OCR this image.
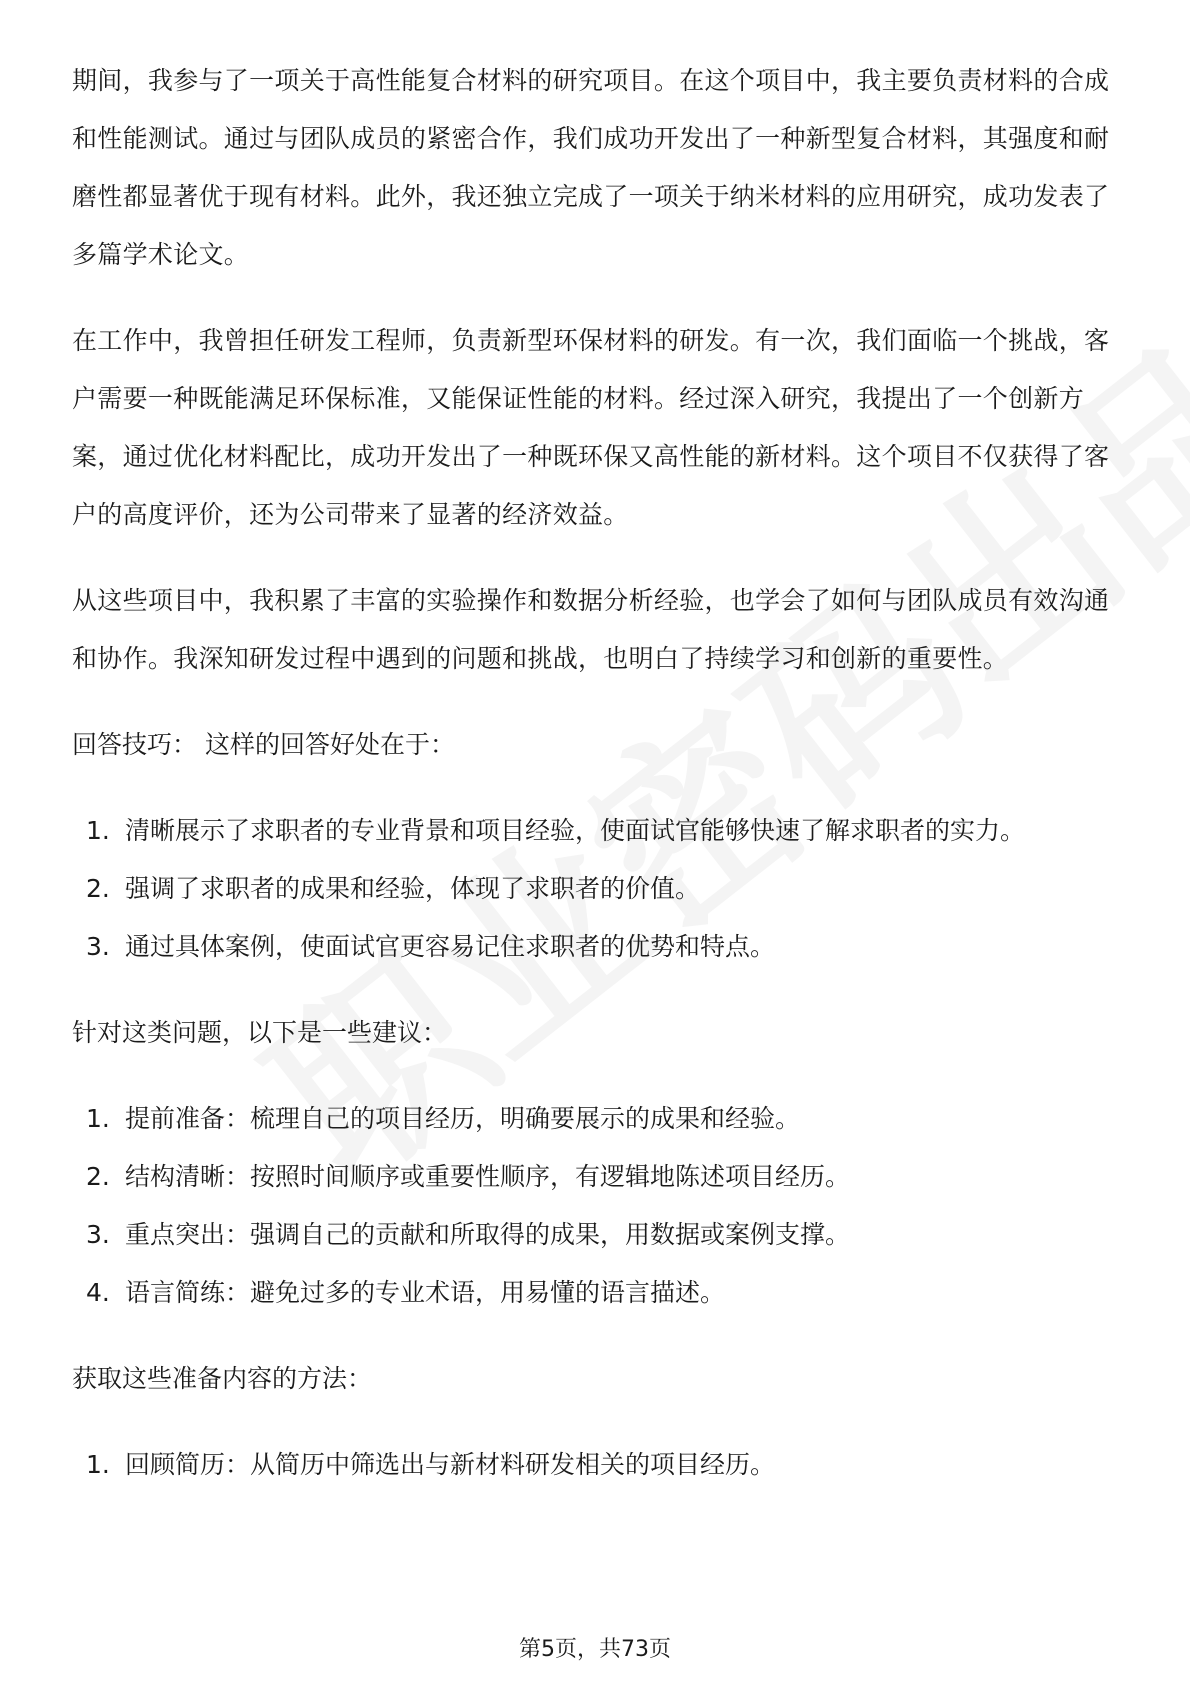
期间，我参与了一项关于高性能复合材料的研究项目。在这个项目中，我主要负责材料的合成和性能测试。通过与团队成员的紧密合作，我们成功开发出了一种新型复合材料，其强度和耐磨性都显著优于现有材料。此外，我还独立完成了一项关于纳米材料的应用研究，成功发表了多篇学术论文。

在工作中，我曾担任研发工程师，负责新型环保材料的研发。有一次，我们面临一个挑战，客户需要一种既能满足环保标准，又能保证性能的材料。经过深入研究，我提出了一个创新方案，通过优化材料配比，成功开发出了一种既环保又高性能的新材料。这个项目不仅获得了客户的高度评价，还为公司带来了显著的经济效益。

从这些项目中，我积累了丰富的实验操作和数据分析经验，也学会了如何与团队成员有效沟通和协作。我深知研发过程中遇到的问题和挑战，也明白了持续学习和创新的重要性。

回答技巧： 这样的回答好处在于：

1. 清晰展示了求职者的专业背景和项目经验，使面试官能够快速了解求职者的实力。
2. 强调了求职者的成果和经验，体现了求职者的价值。
3. 通过具体案例，使面试官更容易记住求职者的优势和特点。

针对这类问题，以下是一些建议：

1. 提前准备：梳理自己的项目经历，明确要展示的成果和经验。
2. 结构清晰：按照时间顺序或重要性顺序，有逻辑地陈述项目经历。
3. 重点突出：强调自己的贡献和所取得的成果，用数据或案例支撑。
4. 语言简练：避免过多的专业术语，用易懂的语言描述。

获取这些准备内容的方法：

1. 回顾简历：从简历中筛选出与新材料研发相关的项目经历。
第5页，共73页
